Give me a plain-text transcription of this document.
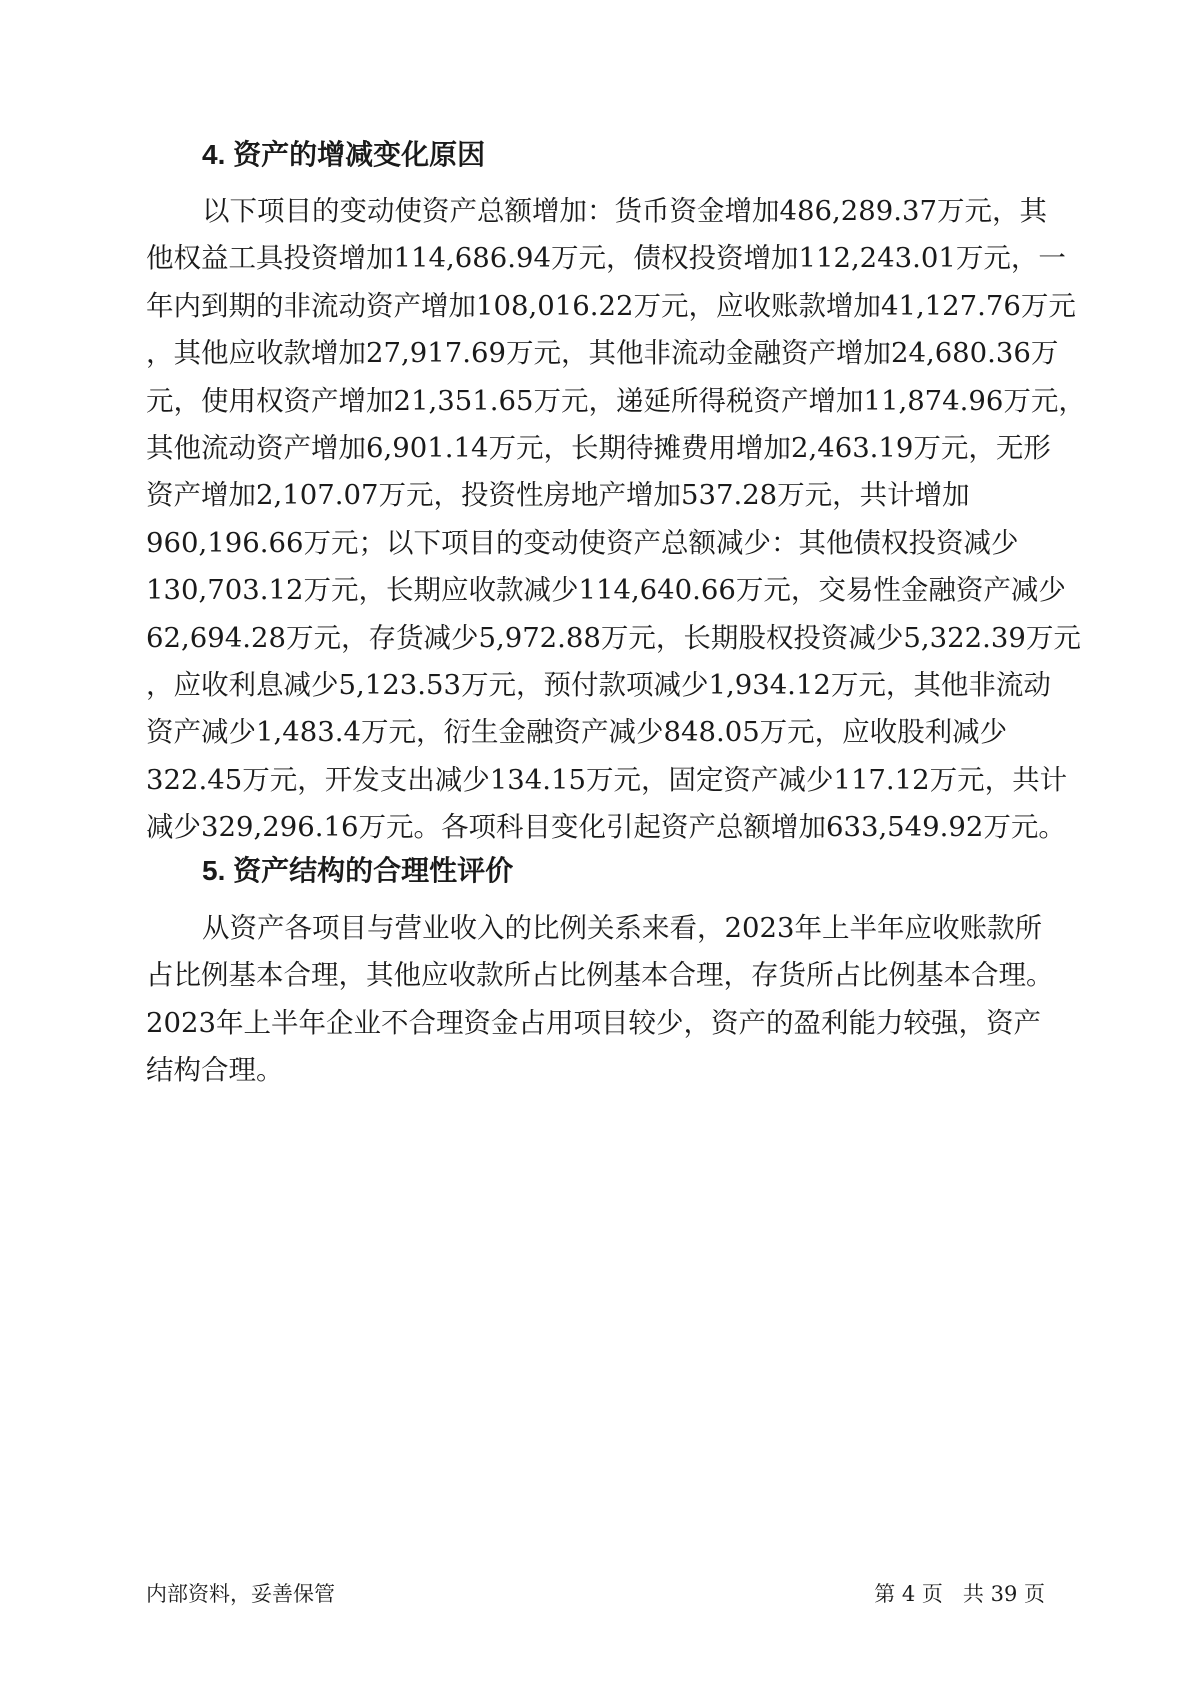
4. 资产的增减变化原因
以下项目的变动使资产总额增加：货币资金增加486,289.37万元，其
他权益工具投资增加114,686.94万元，债权投资增加112,243.01万元，一
年内到期的非流动资产增加108,016.22万元，应收账款增加41,127.76万元
，其他应收款增加27,917.69万元，其他非流动金融资产增加24,680.36万
元，使用权资产增加21,351.65万元，递延所得税资产增加11,874.96万元，
其他流动资产增加6,901.14万元，长期待摊费用增加2,463.19万元，无形
资产增加2,107.07万元，投资性房地产增加537.28万元，共计增加
960,196.66万元；以下项目的变动使资产总额减少：其他债权投资减少
130,703.12万元，长期应收款减少114,640.66万元，交易性金融资产减少
62,694.28万元，存货减少5,972.88万元，长期股权投资减少5,322.39万元
，应收利息减少5,123.53万元，预付款项减少1,934.12万元，其他非流动
资产减少1,483.4万元，衍生金融资产减少848.05万元，应收股利减少
322.45万元，开发支出减少134.15万元，固定资产减少117.12万元，共计
减少329,296.16万元。各项科目变化引起资产总额增加633,549.92万元。
5. 资产结构的合理性评价
从资产各项目与营业收入的比例关系来看，2023年上半年应收账款所
占比例基本合理，其他应收款所占比例基本合理，存货所占比例基本合理。
2023年上半年企业不合理资金占用项目较少，资产的盈利能力较强，资产
结构合理。
内部资料，妥善保管	第 4 页 共 39 页
